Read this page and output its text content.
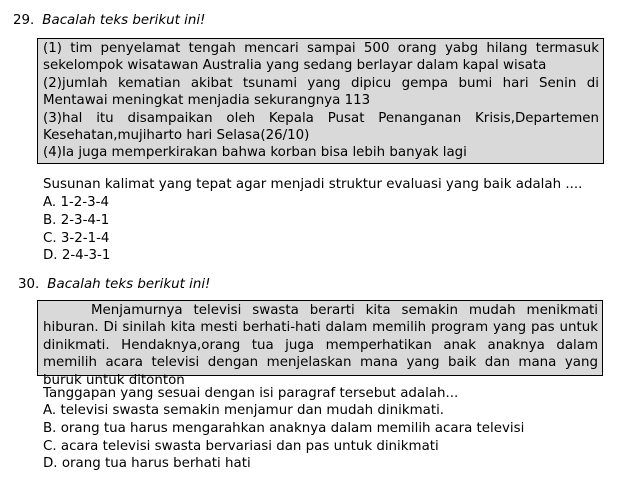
29. Bacalah teks berikut ini!

(1) tim penyelamat tengah mencari sampai 500 orang yabg hilang termasuk sekelompok wisatawan Australia yang sedang berlayar dalam kapal wisata

(2)jumlah kematian akibat tsunami yang dipicu gempa bumi hari Senin di Mentawai meningkat menjadia sekurangnya 113

(3)hal itu disampaikan oleh Kepala Pusat Penanganan Krisis,Departemen Kesehatan,mujiharto hari Selasa(26/10)

(4)Ia juga memperkirakan bahwa korban bisa lebih banyak lagi

Susunan kalimat yang tepat agar menjadi struktur evaluasi yang baik adalah ....
A. 1-2-3-4
B. 2-3-4-1
C. 3-2-1-4
D. 2-4-3-1
30. Bacalah teks berikut ini!

Menjamurnya televisi swasta berarti kita semakin mudah menikmati hiburan. Di sinilah kita mesti berhati-hati dalam memilih program yang pas untuk dinikmati. Hendaknya,orang tua juga memperhatikan anak anaknya dalam memilih acara televisi dengan menjelaskan mana yang baik dan mana yang buruk untuk ditonton

Tanggapan yang sesuai dengan isi paragraf tersebut adalah...
A. televisi swasta semakin menjamur dan mudah dinikmati.
B. orang tua harus mengarahkan anaknya dalam memilih acara televisi
C. acara televisi swasta bervariasi dan pas untuk dinikmati
D. orang tua harus berhati hati
